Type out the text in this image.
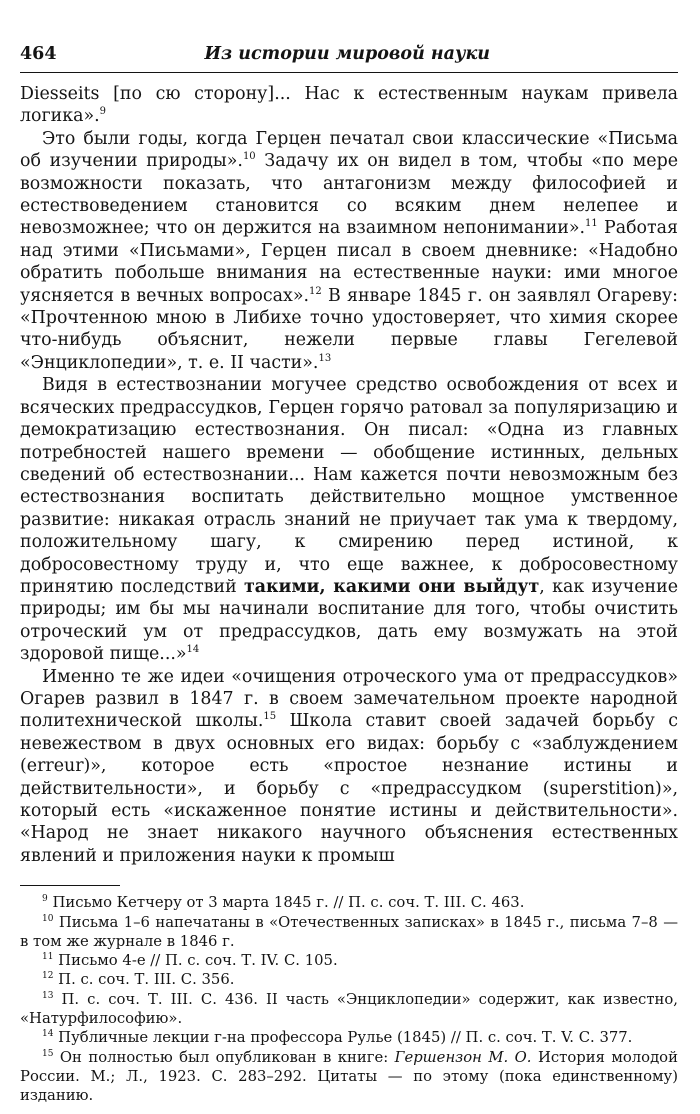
464	Из истории мировой науки

Diesseits [по сю сторону]... Нас к естественным наукам привела логика».$^9$

Это были годы, когда Герцен печатал свои классические «Письма об изучении природы».$^{10}$ Задачу их он видел в том, чтобы «по мере возможности показать, что антагонизм между философией и естествоведением становится со всяким днем нелепее и невозможнее; что он держится на взаимном непонимании».$^{11}$ Работая над этими «Письмами», Герцен писал в своем дневнике: «Надобно обратить побольше внимания на естественные науки: ими многое уясняется в вечных вопросах».$^{12}$ В январе 1845 г. он заявлял Огареву: «Прочтенною мною в Либихе точно удостоверяет, что химия скорее что-нибудь объяснит, нежели первые главы Гегелевой «Энциклопедии», т. е. II части».$^{13}$

Видя в естествознании могучее средство освобождения от всех и всяческих предрассудков, Герцен горячо ратовал за популяризацию и демократизацию естествознания. Он писал: «Одна из главных потребностей нашего времени — обобщение истинных, дельных сведений об естествознании... Нам кажется почти невозможным без естествознания воспитать действительно мощное умственное развитие: никакая отрасль знаний не приучает так ума к твердому, положительному шагу, к смирению перед истиной, к добросовестному труду и, что еще важнее, к добросовестному принятию последствий такими, какими они выйдут, как изучение природы; им бы мы начинали воспитание для того, чтобы очистить отроческий ум от предрассудков, дать ему возмужать на этой здоровой пище...»$^{14}$

Именно те же идеи «очищения отроческого ума от предрассудков» Огарев развил в 1847 г. в своем замечательном проекте народной политехнической школы.$^{15}$ Школа ставит своей задачей борьбу с невежеством в двух основных его видах: борьбу с «заблуждением (erreur)», которое есть «простое незнание истины и действительности», и борьбу с «предрассудком (superstition)», который есть «искаженное понятие истины и действительности». «Народ не знает никакого научного объяснения естественных явлений и приложения науки к промыш

$^9$ Письмо Кетчеру от 3 марта 1845 г. // П. с. соч. Т. III. С. 463.

$^{10}$ Письма 1–6 напечатаны в «Отечественных записках» в 1845 г., письма 7–8 — в том же журнале в 1846 г.

$^{11}$ Письмо 4-е // П. с. соч. Т. IV. С. 105.

$^{12}$ П. с. соч. Т. III. С. 356.

$^{13}$ П. с. соч. Т. III. С. 436. II часть «Энциклопедии» содержит, как известно, «Натурфилософию».

$^{14}$ Публичные лекции г-на профессора Рулье (1845) // П. с. соч. Т. V. С. 377.

$^{15}$ Он полностью был опубликован в книге: Гершензон М. О. История молодой России. М.; Л., 1923. С. 283–292. Цитаты — по этому (пока единственному) изданию.
